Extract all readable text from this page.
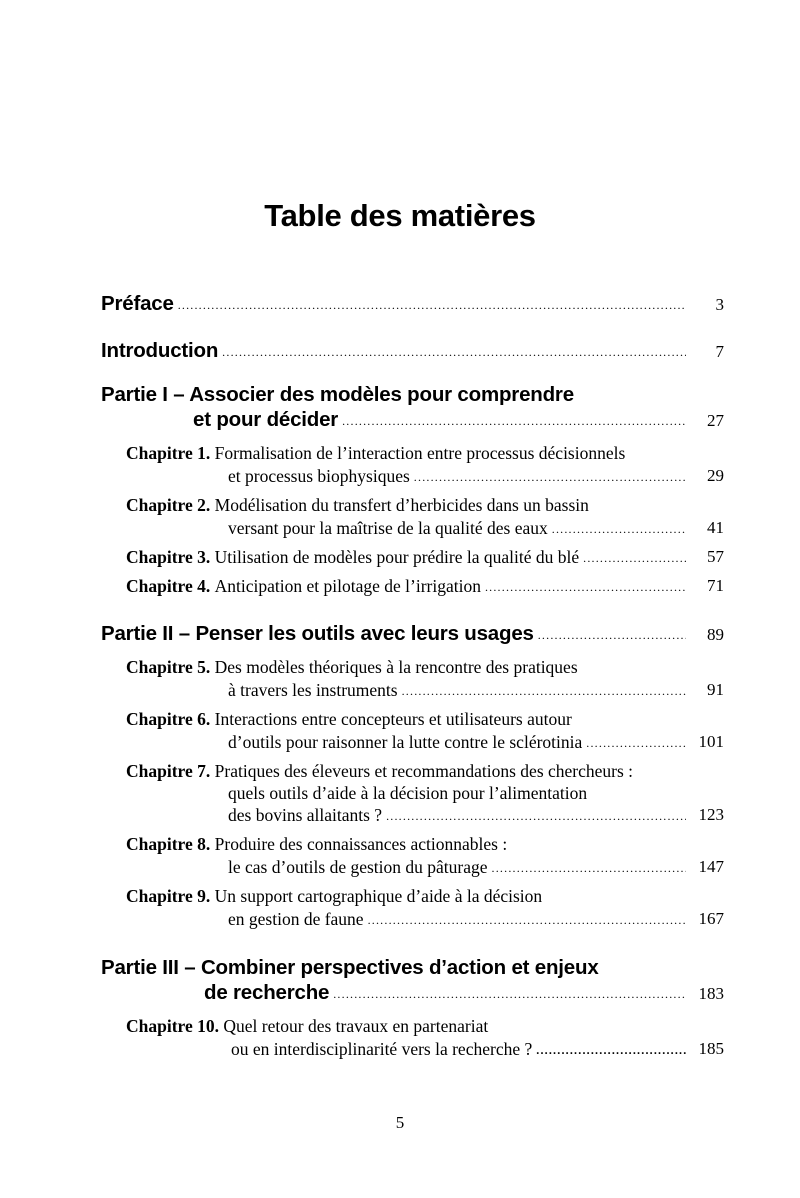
Table des matières
Préface .....	3
Introduction .....	7
Partie I – Associer des modèles pour comprendre
et pour décider .....	27
Chapitre 1.
Formalisation de l’interaction entre processus décisionnels
et processus biophysiques .....	29
Chapitre 2.
Modélisation du transfert d’herbicides dans un bassin
versant pour la maîtrise de la qualité des eaux .....	41
Chapitre 3.
Utilisation de modèles pour prédire la qualité du blé .....	57
Chapitre 4.
Anticipation et pilotage de l’irrigation .....	71
Partie II – Penser les outils avec leurs usages .....	89
Chapitre 5.
Des modèles théoriques à la rencontre des pratiques
à travers les instruments .....	91
Chapitre 6.
Interactions entre concepteurs et utilisateurs autour
d’outils pour raisonner la lutte contre le sclérotinia .....	101
Chapitre 7.
Pratiques des éleveurs et recommandations des chercheurs :
quels outils d’aide à la décision pour l’alimentation
des bovins allaitants ? .....	123
Chapitre 8.
Produire des connaissances actionnables :
le cas d’outils de gestion du pâturage .....	147
Chapitre 9.
Un support cartographique d’aide à la décision
en gestion de faune .....	167
Partie III – Combiner perspectives d’action et enjeux
de recherche .....	183
Chapitre 10.
Quel retour des travaux en partenariat
ou en interdisciplinarité vers la recherche ? .....	185
5
